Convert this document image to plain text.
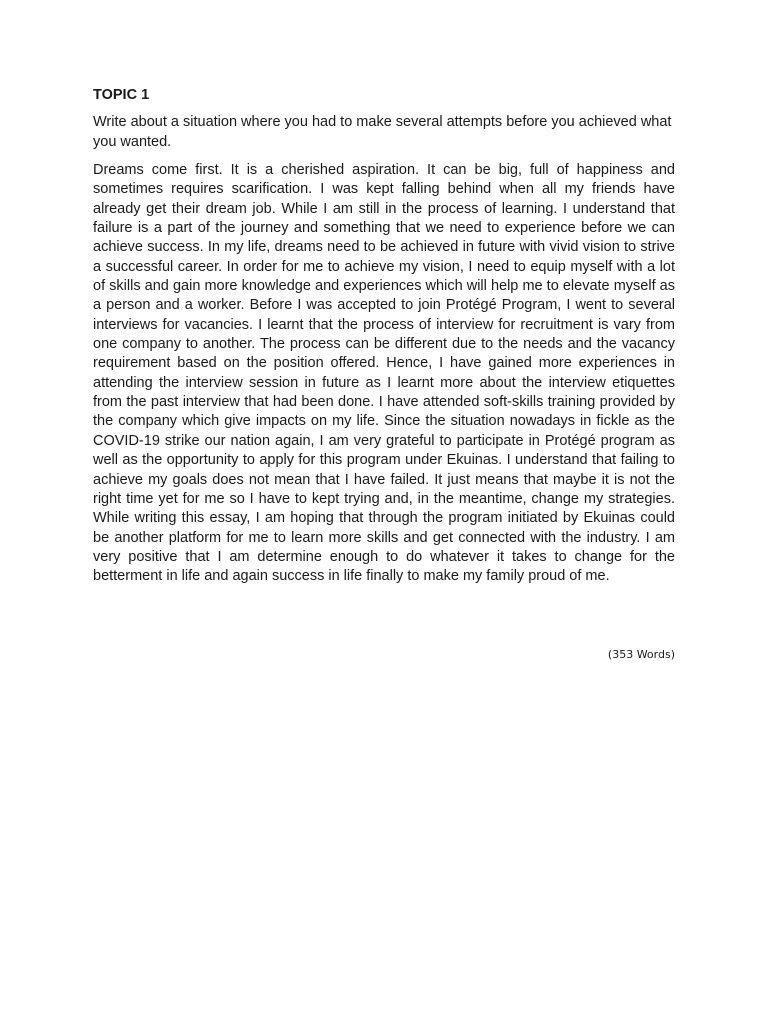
TOPIC 1

Write about a situation where you had to make several attempts before you achieved what you wanted.

Dreams come first. It is a cherished aspiration. It can be big, full of happiness and sometimes requires scarification. I was kept falling behind when all my friends have already get their dream job. While I am still in the process of learning. I understand that failure is a part of the journey and something that we need to experience before we can achieve success. In my life, dreams need to be achieved in future with vivid vision to strive a successful career. In order for me to achieve my vision, I need to equip myself with a lot of skills and gain more knowledge and experiences which will help me to elevate myself as a person and a worker. Before I was accepted to join Protégé Program, I went to several interviews for vacancies. I learnt that the process of interview for recruitment is vary from one company to another. The process can be different due to the needs and the vacancy requirement based on the position offered. Hence, I have gained more experiences in attending the interview session in future as I learnt more about the interview etiquettes from the past interview that had been done. I have attended soft-skills training provided by the company which give impacts on my life. Since the situation nowadays in fickle as the COVID-19 strike our nation again, I am very grateful to participate in Protégé program as well as the opportunity to apply for this program under Ekuinas. I understand that failing to achieve my goals does not mean that I have failed. It just means that maybe it is not the right time yet for me so I have to kept trying and, in the meantime, change my strategies. While writing this essay, I am hoping that through the program initiated by Ekuinas could be another platform for me to learn more skills and get connected with the industry. I am very positive that I am determine enough to do whatever it takes to change for the betterment in life and again success in life finally to make my family proud of me.

(353 Words)
